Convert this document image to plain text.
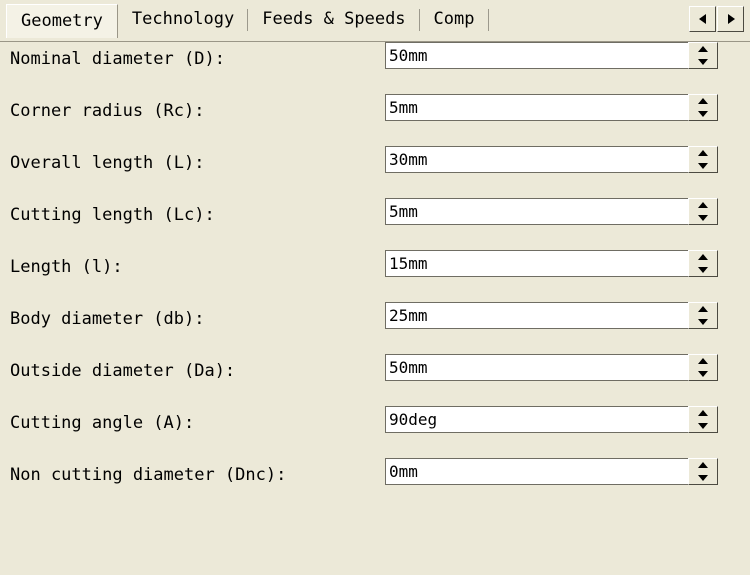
Geometry	Technology	Feeds & Speeds	Comp
Nominal diameter (D):
50mm
Corner radius (Rc):
5mm
Overall length (L):
30mm
Cutting length (Lc):
5mm
Length (l):
15mm
Body diameter (db):
25mm
Outside diameter (Da):
50mm
Cutting angle (A):
90deg
Non cutting diameter (Dnc):
0mm
